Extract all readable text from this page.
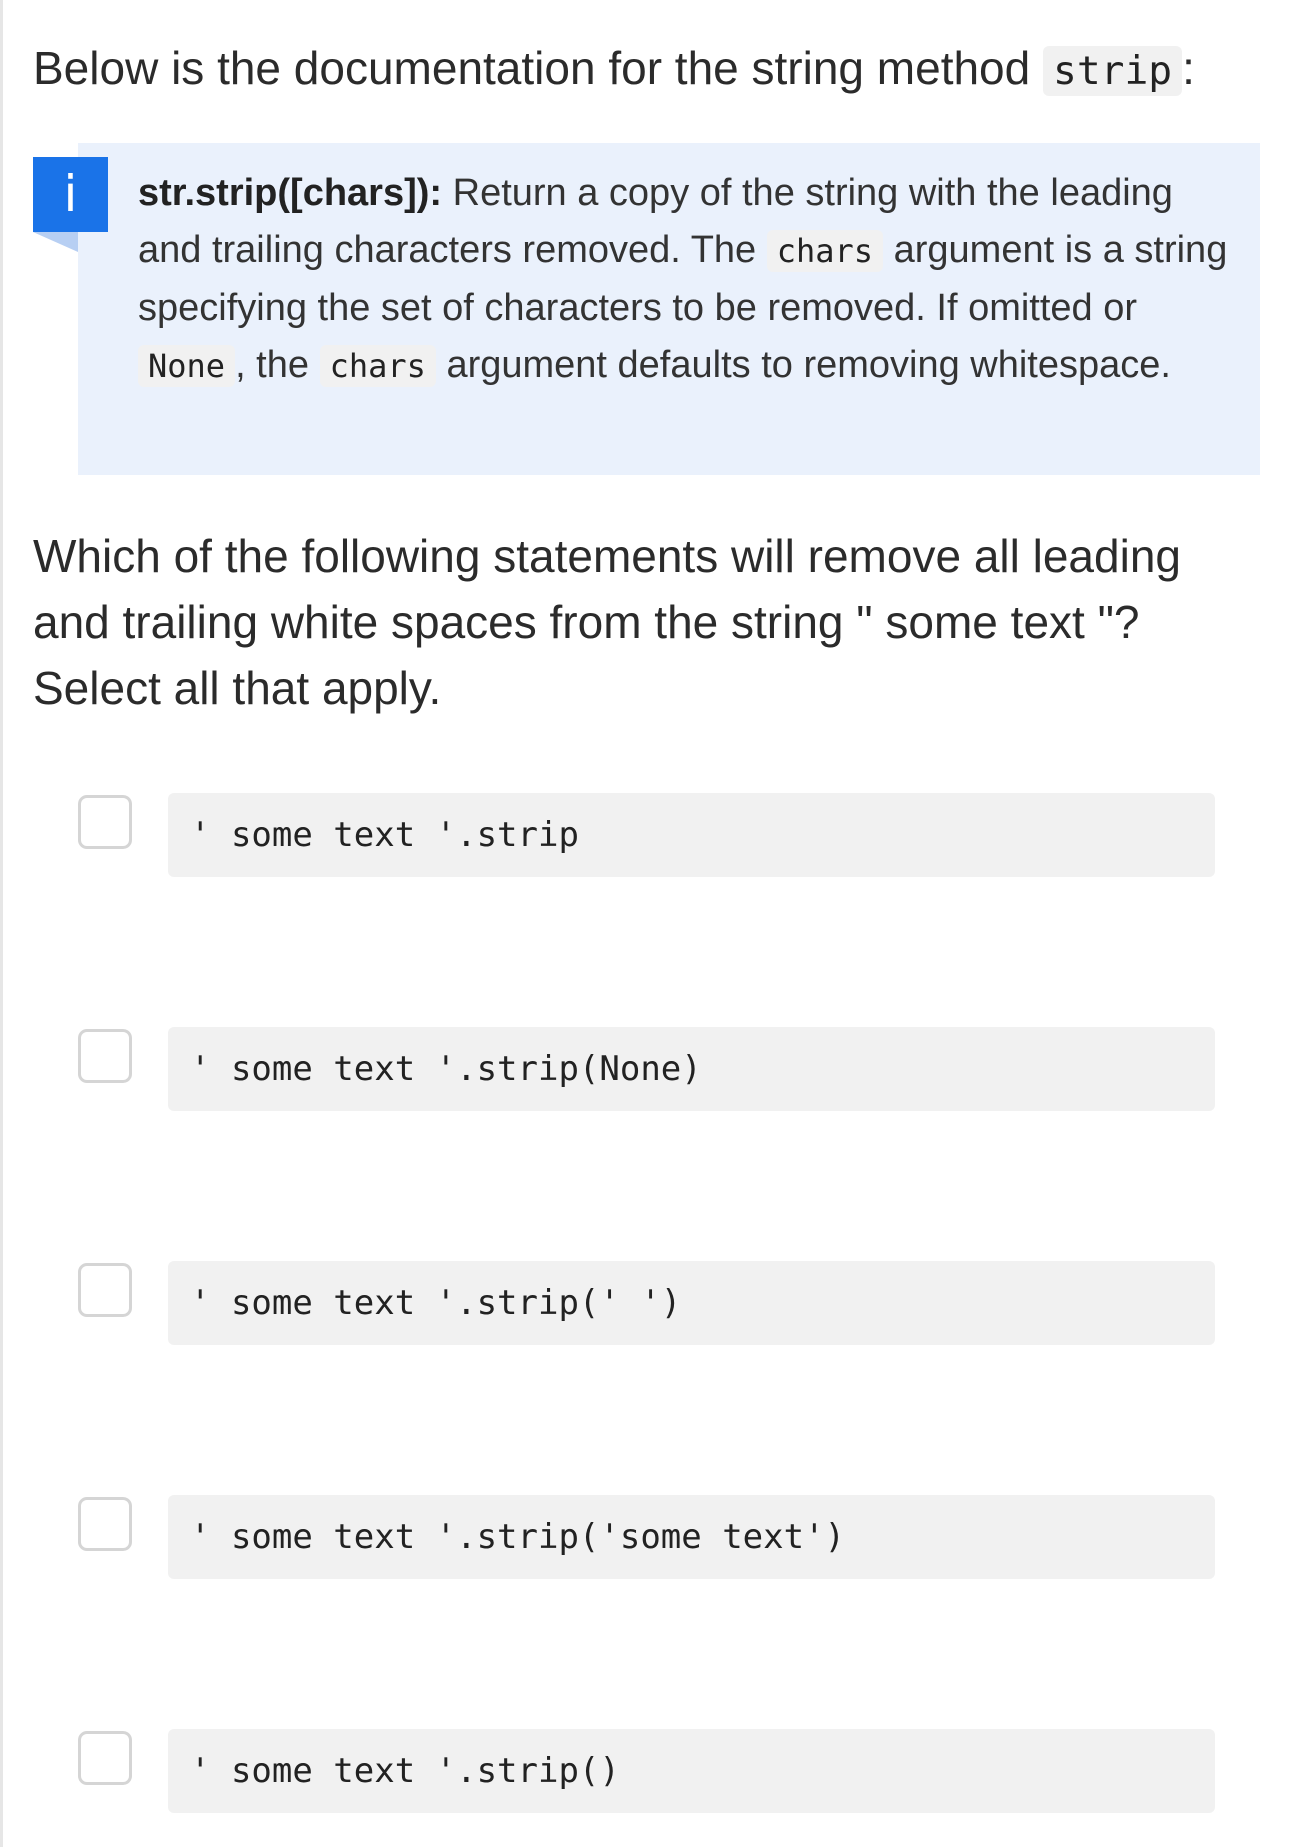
Below is the documentation for the string method strip :
i	str.strip([chars]): Return a copy of the string with the leading and trailing characters removed. The chars argument is a string specifying the set of characters to be removed. If omitted or None , the chars argument defaults to removing whitespace.
Which of the following statements will remove all leading and trailing white spaces from the string " some text "? Select all that apply.
' some text '.strip
' some text '.strip(None)
' some text '.strip(' ')
' some text '.strip('some text')
' some text '.strip()
